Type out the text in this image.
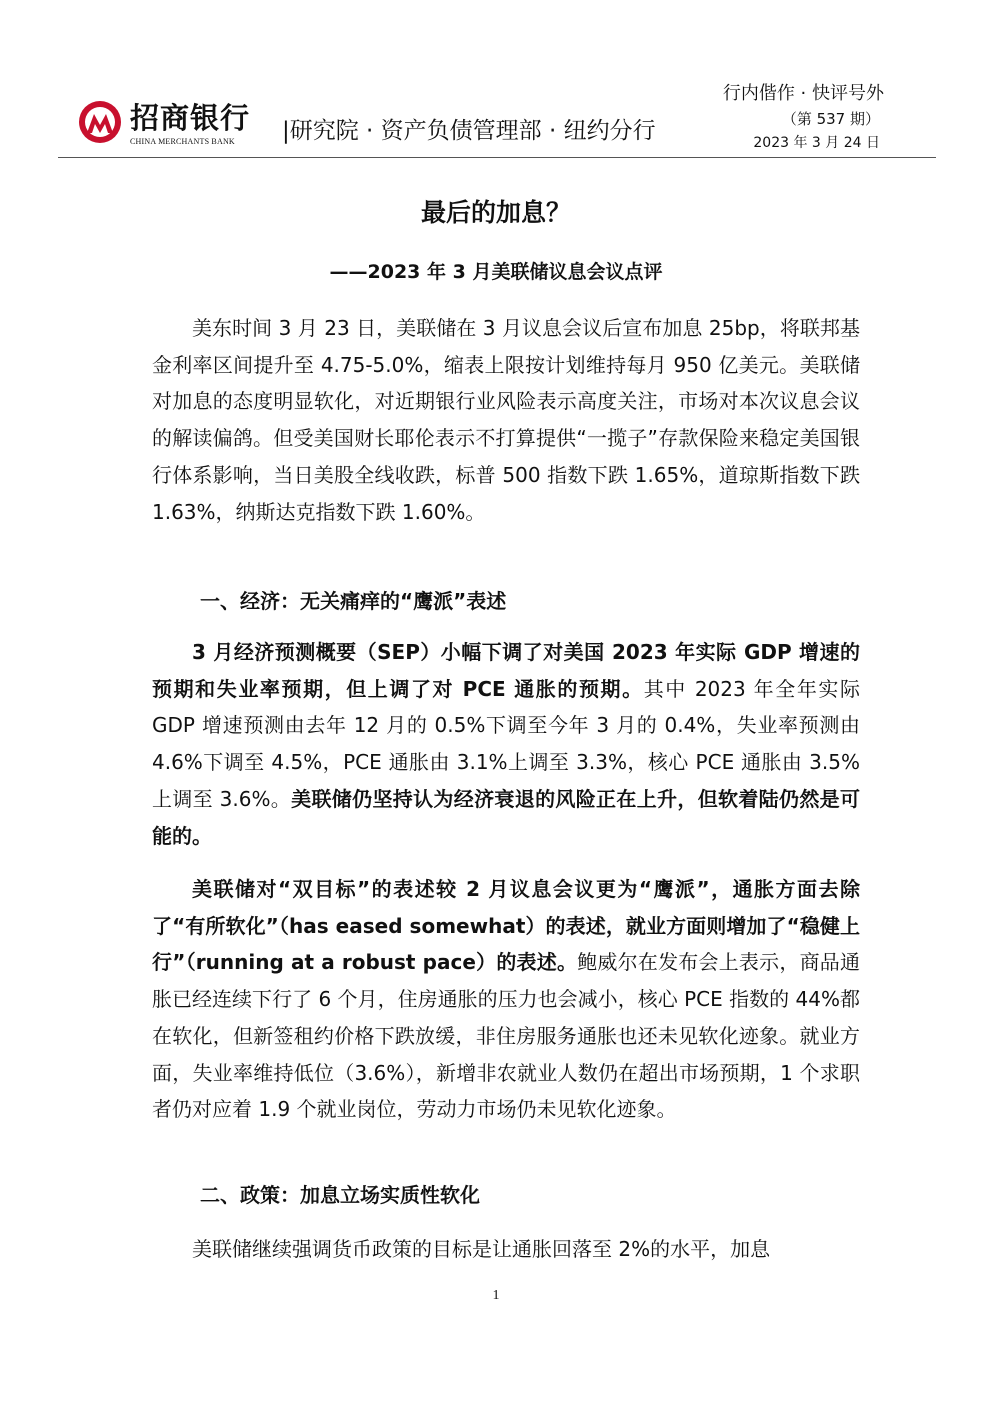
招商银行
CHINA MERCHANTS BANK |研究院 · 资产负债管理部 · 纽约分行
行内偕作 · 快评号外
（第 537 期）
2023 年 3 月 24 日
最后的加息？
——2023 年 3 月美联储议息会议点评

美东时间 3 月 23 日，美联储在 3 月议息会议后宣布加息 25bp，将联邦基金利率区间提升至 4.75-5.0%，缩表上限按计划维持每月 950 亿美元。美联储对加息的态度明显软化，对近期银行业风险表示高度关注，市场对本次议息会议的解读偏鸽。但受美国财长耶伦表示不打算提供“一揽子”存款保险来稳定美国银行体系影响，当日美股全线收跌，标普 500 指数下跌 1.65%，道琼斯指数下跌 1.63%，纳斯达克指数下跌 1.60%。

一、经济：无关痛痒的“鹰派”表述

3 月经济预测概要（SEP）小幅下调了对美国 2023 年实际 GDP 增速的预期和失业率预期，但上调了对 PCE 通胀的预期。其中 2023 年全年实际 GDP 增速预测由去年 12 月的 0.5%下调至今年 3 月的 0.4%，失业率预测由 4.6%下调至 4.5%，PCE 通胀由 3.1%上调至 3.3%，核心 PCE 通胀由 3.5%上调至 3.6%。美联储仍坚持认为经济衰退的风险正在上升，但软着陆仍然是可能的。

美联储对“双目标”的表述较 2 月议息会议更为“鹰派”，通胀方面去除了“有所软化”（has eased somewhat）的表述，就业方面则增加了“稳健上行”（running at a robust pace）的表述。鲍威尔在发布会上表示，商品通胀已经连续下行了 6 个月，住房通胀的压力也会减小，核心 PCE 指数的 44%都在软化，但新签租约价格下跌放缓，非住房服务通胀也还未见软化迹象。就业方面，失业率维持低位（3.6%），新增非农就业人数仍在超出市场预期，1 个求职者仍对应着 1.9 个就业岗位，劳动力市场仍未见软化迹象。

二、政策：加息立场实质性软化

美联储继续强调货币政策的目标是让通胀回落至 2%的水平，加息

1
